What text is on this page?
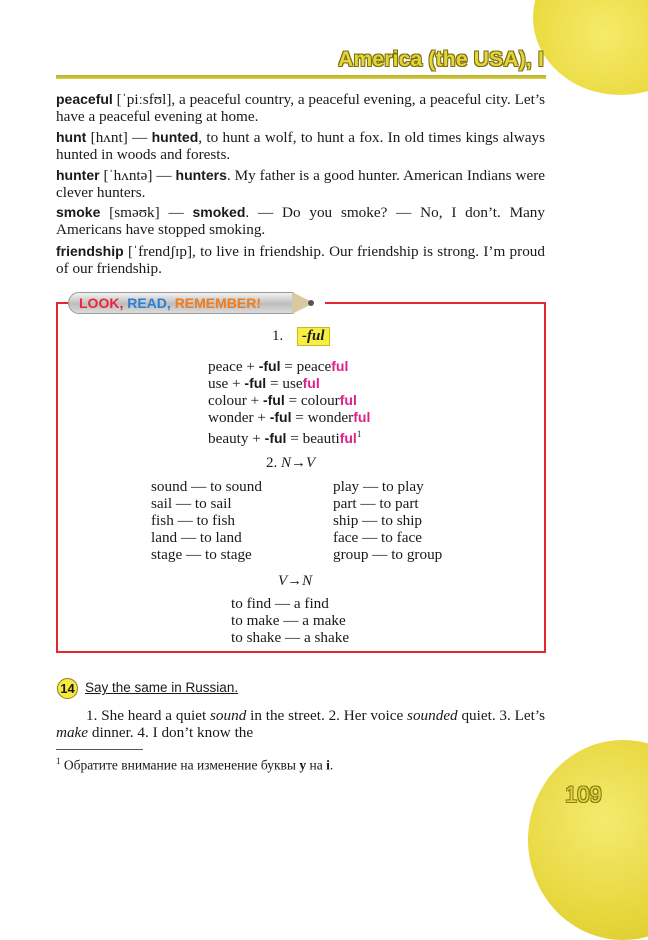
America (the USA), I
peaceful [ˈpiːsfʊl], a peaceful country, a peaceful evening, a peaceful city. Let’s have a peaceful evening at home.
hunt [hʌnt] — hunted, to hunt a wolf, to hunt a fox. In old times kings always hunted in woods and forests.
hunter [ˈhʌntə] — hunters. My father is a good hunter. American Indians were clever hunters.
smoke [sməʊk] — smoked. — Do you smoke? — No, I don’t. Many Americans have stopped smoking.
friendship [ˈfrendʃɪp], to live in friendship. Our friendship is strong. I’m proud of our friendship.
LOOK, READ, REMEMBER!
1. -ful
peace + -ful = peaceful
use + -ful = useful
colour + -ful = colourful
wonder + -ful = wonderful
beauty + -ful = beautiful$^1$
2. N→V
sound — to sound
sail — to sail
fish — to fish
land — to land
stage — to stage
play — to play
part — to part
ship — to ship
face — to face
group — to group
V→N
to find — a find
to make — a make
to shake — a shake
14 Say the same in Russian.
1. She heard a quiet sound in the street. 2. Her voice sounded quiet. 3. Let’s make dinner. 4. I don’t know the
$^1$ Обратите внимание на изменение буквы y на i.
109
